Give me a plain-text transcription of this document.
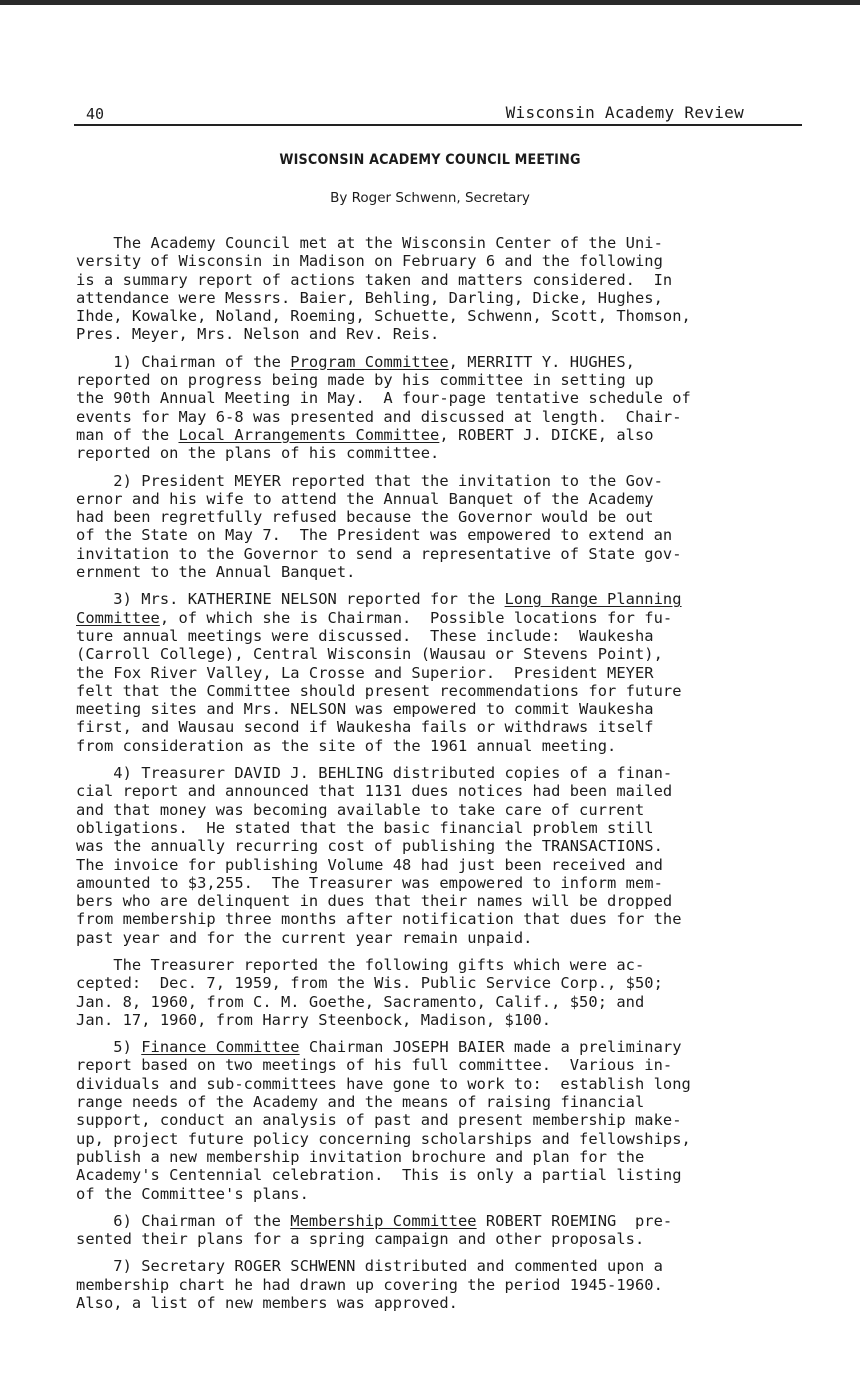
40	Wisconsin Academy Review
WISCONSIN ACADEMY COUNCIL MEETING
By Roger Schwenn, Secretary
The Academy Council met at the Wisconsin Center of the Uni-
versity of Wisconsin in Madison on February 6 and the following
is a summary report of actions taken and matters considered.  In
attendance were Messrs. Baier, Behling, Darling, Dicke, Hughes,
Ihde, Kowalke, Noland, Roeming, Schuette, Schwenn, Scott, Thomson,
Pres. Meyer, Mrs. Nelson and Rev. Reis.
1) Chairman of the Program Committee, MERRITT Y. HUGHES,
reported on progress being made by his committee in setting up
the 90th Annual Meeting in May.  A four-page tentative schedule of
events for May 6-8 was presented and discussed at length.  Chair-
man of the Local Arrangements Committee, ROBERT J. DICKE, also
reported on the plans of his committee.
2) President MEYER reported that the invitation to the Gov-
ernor and his wife to attend the Annual Banquet of the Academy
had been regretfully refused because the Governor would be out
of the State on May 7.  The President was empowered to extend an
invitation to the Governor to send a representative of State gov-
ernment to the Annual Banquet.
3) Mrs. KATHERINE NELSON reported for the Long Range Planning
Committee, of which she is Chairman.  Possible locations for fu-
ture annual meetings were discussed.  These include:  Waukesha
(Carroll College), Central Wisconsin (Wausau or Stevens Point),
the Fox River Valley, La Crosse and Superior.  President MEYER
felt that the Committee should present recommendations for future
meeting sites and Mrs. NELSON was empowered to commit Waukesha
first, and Wausau second if Waukesha fails or withdraws itself
from consideration as the site of the 1961 annual meeting.
4) Treasurer DAVID J. BEHLING distributed copies of a finan-
cial report and announced that 1131 dues notices had been mailed
and that money was becoming available to take care of current
obligations.  He stated that the basic financial problem still
was the annually recurring cost of publishing the TRANSACTIONS.
The invoice for publishing Volume 48 had just been received and
amounted to $3,255.  The Treasurer was empowered to inform mem-
bers who are delinquent in dues that their names will be dropped
from membership three months after notification that dues for the
past year and for the current year remain unpaid.
The Treasurer reported the following gifts which were ac-
cepted:  Dec. 7, 1959, from the Wis. Public Service Corp., $50;
Jan. 8, 1960, from C. M. Goethe, Sacramento, Calif., $50; and
Jan. 17, 1960, from Harry Steenbock, Madison, $100.
5) Finance Committee Chairman JOSEPH BAIER made a preliminary
report based on two meetings of his full committee.  Various in-
dividuals and sub-committees have gone to work to:  establish long
range needs of the Academy and the means of raising financial
support, conduct an analysis of past and present membership make-
up, project future policy concerning scholarships and fellowships,
publish a new membership invitation brochure and plan for the
Academy's Centennial celebration.  This is only a partial listing
of the Committee's plans.
6) Chairman of the Membership Committee ROBERT ROEMING  pre-
sented their plans for a spring campaign and other proposals.
7) Secretary ROGER SCHWENN distributed and commented upon a
membership chart he had drawn up covering the period 1945-1960.
Also, a list of new members was approved.
